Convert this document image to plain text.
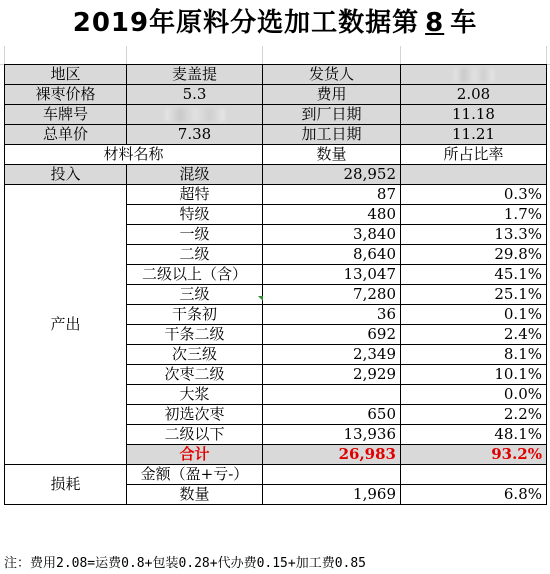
2019年原料分选加工数据第 8 车
地区	麦盖提	发货人	
裸枣价格	5.3	费用	2.08
车牌号		到厂日期	11.18
总单价	7.38	加工日期	11.21
材料名称		数量	所占比率
投入	混级	28,952	
产出	超特	87	0.3%
	特级	480	1.7%
	一级	3,840	13.3%
	二级	8,640	29.8%
	二级以上（含）	13,047	45.1%
	三级	7,280	25.1%
	干条初	36	0.1%
	干条二级	692	2.4%
	次三级	2,349	8.1%
	次枣二级	2,929	10.1%
	大浆		0.0%
	初选次枣	650	2.2%
	二级以下	13,936	48.1%
	合计	26,983	93.2%
损耗	金额（盈+亏-）		
	数量	1,969	6.8%
注：费用2.08=运费0.8+包装0.28+代办费0.15+加工费0.85
